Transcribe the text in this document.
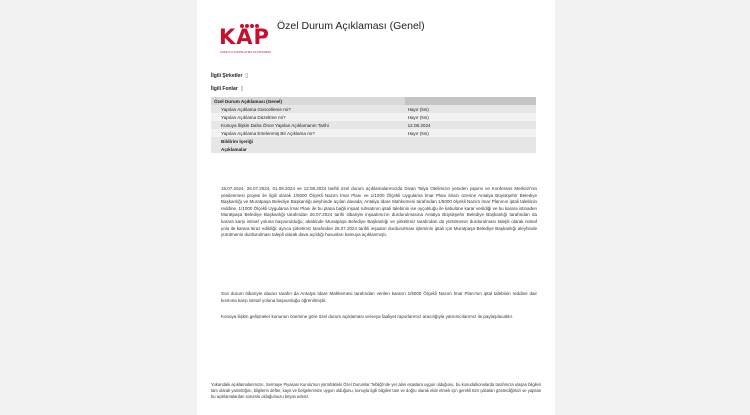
KAP
KAMUYU AYDINLATMA PLATFORMU
Özel Durum Açıklaması (Genel)
İlgili Şirketler []
İlgili Fonlar []
Özel Durum Açıklaması (Genel)	
Yapılan Açıklama Güncelleme mi?	Hayır (No)
Yapılan Açıklama Düzeltme mi?	Hayır (No)
Konuya İlişkin Daha Önce Yapılan Açıklamanın Tarihi	12.08.2024
Yapılan Açıklama Ertelenmiş Bir Açıklama mı?	Hayır (No)
Bildirim İçeriği	
Açıklamalar	
16.07.2024, 26.07.2024, 01.08.2024 ve 12.08.2024 tarihli özel durum açıklamalarımızda Divan Talya Otelimizin yeniden yapımı ve Konferans Merkezi'nin yenilenmesi projesi ile ilgili olarak 1/5000 Ölçekli Nazım İmar Planı ve 1/1000 Ölçekli Uygulama İmar Planı itirazı üzerine Antalya Büyükşehir Belediye Başkanlığı ve Muratpaşa Belediye Başkanlığı aleyhinde açılan davada; Antalya İdare Mahkemesi tarafından 1/5000 ölçekli Nazım İmar Planının iptali talebinin reddine, 1/1000 Ölçekli Uygulama İmar Planı ile bu plana bağlı inşaat ruhsatının iptali talebinin ise oyçokluğu ile kabulüne karar verildiği ve bu karara istinaden Muratpaşa Belediye Başkanlığı tarafından 26.07.2024 tarihi itibariyle inşaatımızın durdurulmasına Antalya Büyükşehir Belediye Başkanlığı tarafından da karara karşı istinaf yoluna başvurulduğu; akabinde Muratpaşa Belediye Başkanlığı ve şirketimiz tarafından da yürütmenin durdurulması talepli olarak istinaf yolu ile karara itiraz edildiği; ayrıca şirketimiz tarafından 26.07.2024 tarihli inşaatın durdurulması işleminin iptali için Muratpaşa Belediye Başkanlığı aleyhinde yürütmenin durdurulması talepli olarak dava açıldığı hususları kamuya açıklanmıştı.
Son durum itibariyle davacı tarafın da Antalya İdare Mahkemesi tarafından verilen kararın 1/5000 Ölçekli Nazım İmar Planı'nın iptal talebinin reddine dair kısmına karşı istinaf yoluna başvurduğu öğrenilmiştir.
Konuya ilişkin gelişmeler konunun önemine göre özel durum açıklaması ve/veya faaliyet raporlarımız aracılığıyla yatırımcılarımız ile paylaşılacaktır.
Yukarıdaki açıklamalarımızın, Sermaye Piyasası Kurulu'nun yürürlükteki Özel Durumlar Tebliği'nde yer alan esaslara uygun olduğunu, bu konuda/konularda tarafımıza ulaşan bilgileri tam olarak yansıttığını, bilgilerin defter, kayıt ve belgelerimize uygun olduğunu, konuyla ilgili bilgileri tam ve doğru olarak elde etmek için gerekli tüm çabaları gösterdiğimizi ve yapılan bu açıklamalardan sorumlu olduğumuzu beyan ederiz.
